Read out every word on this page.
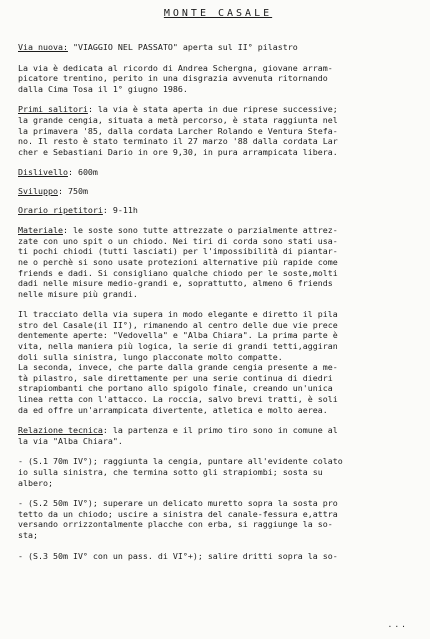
MONTE CASALE
Via nuova: "VIAGGIO NEL PASSATO" aperta sul II° pilastro
La via è dedicata al ricordo di Andrea Schergna, giovane arram-
picatore trentino, perito in una disgrazia avvenuta ritornando
dalla Cima Tosa il 1° giugno 1986.
Primi salitori: la via è stata aperta in due riprese successive;
la grande cengia, situata a metà percorso, è stata raggiunta nel
la primavera '85, dalla cordata Larcher Rolando e Ventura Stefa-
no. Il resto è stato terminato il 27 marzo '88 dalla cordata Lar
cher e Sebastiani Dario in ore 9,30, in pura arrampicata libera.
Dislivello: 600m
Sviluppo: 750m
Orario ripetitori: 9-11h
Materiale: le soste sono tutte attrezzate o parzialmente attrez-
zate con uno spit o un chiodo. Nei tiri di corda sono stati usa-
ti pochi chiodi (tutti lasciati) per l'impossibilità di piantar-
ne o perchè si sono usate protezioni alternative più rapide come
friends e dadi. Si consigliano qualche chiodo per le soste,molti
dadi nelle misure medio-grandi e, soprattutto, almeno 6 friends
nelle misure più grandi.
Il tracciato della via supera in modo elegante e diretto il pila
stro del Casale(il II°), rimanendo al centro delle due vie prece
dentemente aperte: "Vedovella" e "Alba Chiara". La prima parte è
vita, nella maniera più logica, la serie di grandi tetti,aggiran
doli sulla sinistra, lungo placconate molto compatte.
La seconda, invece, che parte dalla grande cengia presente a me-
tà pilastro, sale direttamente per una serie continua di diedri
strapiombanti che portano allo spigolo finale, creando un'unica
linea retta con l'attacco. La roccia, salvo brevi tratti, è soli
da ed offre un'arrampicata divertente, atletica e molto aerea.
Relazione tecnica: la partenza e il primo tiro sono in comune al
la via "Alba Chiara".
- (S.1 70m IV°); raggiunta la cengia, puntare all'evidente colato
io sulla sinistra, che termina sotto gli strapiombi; sosta su
albero;
- (S.2 50m IV°); superare un delicato muretto sopra la sosta pro
tetto da un chiodo; uscire a sinistra del canale-fessura e,attra
versando orrizzontalmente placche con erba, si raggiunge la so-
sta;
- (S.3 50m IV° con un pass. di VI°+); salire dritti sopra la so-
...
